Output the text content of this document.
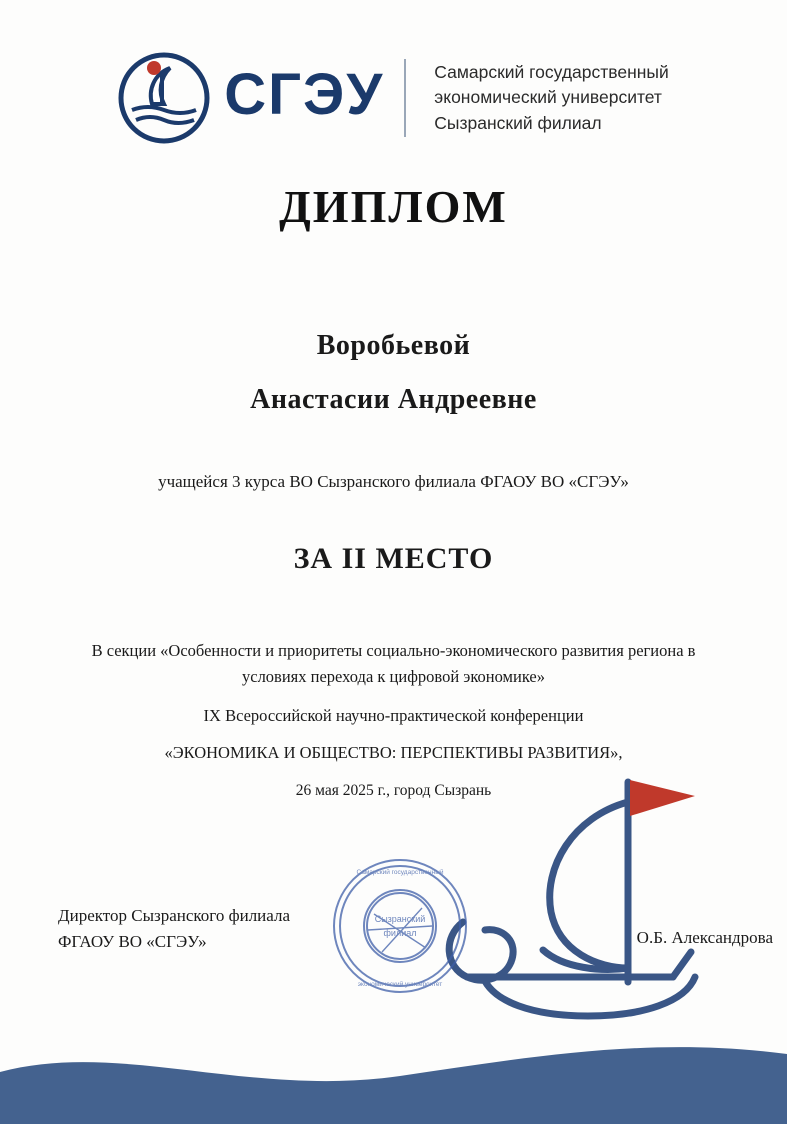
СГЭУ	Самарский государственный
экономический университет
Сызранский филиал
ДИПЛОМ
Воробьевой
Анастасии Андреевне
учащейся 3 курса ВО Сызранского филиала ФГАОУ ВО «СГЭУ»
ЗА II МЕСТО
В секции «Особенности и приоритеты социально-экономического развития региона в
условиях перехода к цифровой экономике»
IX Всероссийской научно-практической конференции
«ЭКОНОМИКА И ОБЩЕСТВО: ПЕРСПЕКТИВЫ РАЗВИТИЯ»,
26 мая 2025 г., город Сызрань
Сызранский
филиал
Самарский государственный
экономический университет
Директор Сызранского филиала
ФГАОУ ВО «СГЭУ»	О.Б. Александрова
